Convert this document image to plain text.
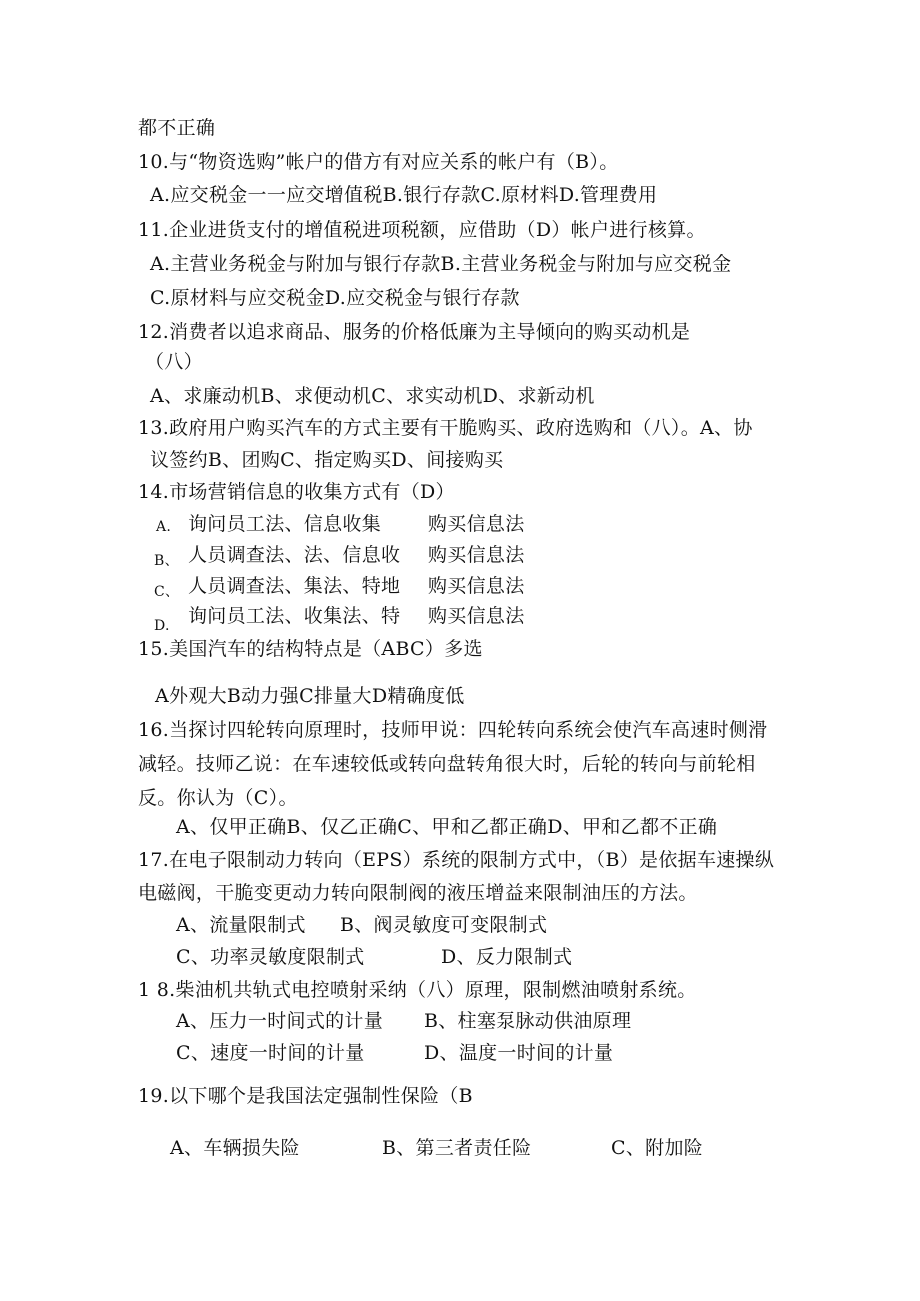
都不正确
10.与“物资选购”帐户的借方有对应关系的帐户有（B）。
A.应交税金一一应交增值税B.银行存款C.原材料D.管理费用
11.企业进货支付的增值税进项税额，应借助（D）帐户进行核算。
A.主营业务税金与附加与银行存款B.主营业务税金与附加与应交税金
C.原材料与应交税金D.应交税金与银行存款
12.消费者以追求商品、服务的价格低廉为主导倾向的购买动机是
（八）
A、求廉动机B、求便动机C、求实动机D、求新动机
13.政府用户购买汽车的方式主要有干脆购买、政府选购和（八）。A、协
议签约B、团购C、指定购买D、间接购买
14.市场营销信息的收集方式有（D）
A. 询问员工法、信息收集 购买信息法
B、 人员调查法、法、信息收 购买信息法
C、 人员调查法、集法、特地 购买信息法
D. 询问员工法、收集法、特 购买信息法
15.美国汽车的结构特点是（ABC）多选
A外观大B动力强C排量大D精确度低
16.当探讨四轮转向原理时，技师甲说：四轮转向系统会使汽车高速时侧滑
减轻。技师乙说：在车速较低或转向盘转角很大时，后轮的转向与前轮相
反。你认为（C）。
A、仅甲正确B、仅乙正确C、甲和乙都正确D、甲和乙都不正确
17.在电子限制动力转向（EPS）系统的限制方式中，（B）是依据车速操纵
电磁阀，干脆变更动力转向限制阀的液压增益来限制油压的方法。
A、流量限制式 B、阀灵敏度可变限制式
C、功率灵敏度限制式	D、反力限制式
1 8.柴油机共轨式电控喷射采纳（八）原理，限制燃油喷射系统。
A、压力一时间式的计量 B、柱塞泵脉动供油原理
C、速度一时间的计量	D、温度一时间的计量
19.以下哪个是我国法定强制性保险（B
A、车辆损失险	B、第三者责任险	C、附加险
